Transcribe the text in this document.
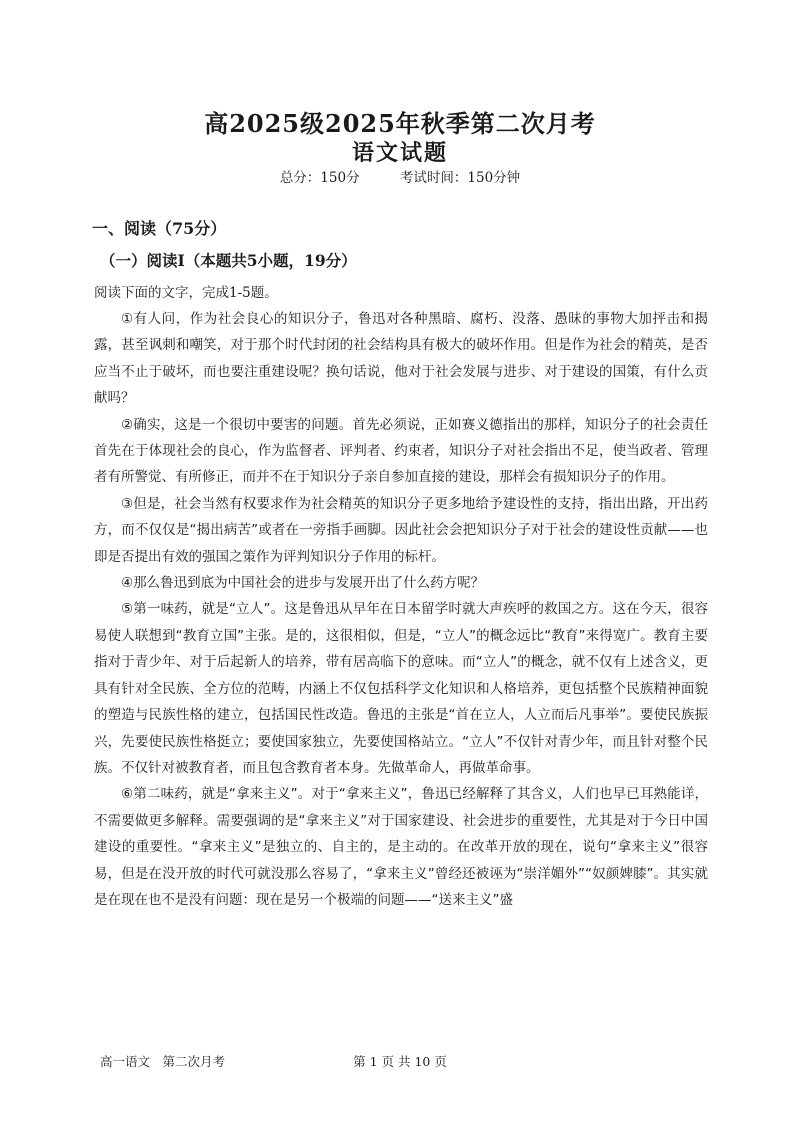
高2025级2025年秋季第二次月考
语文试题
总分：150分	考试时间：150分钟
一、阅读（75分）
（一）阅读Ⅰ（本题共5小题，19分）
阅读下面的文字，完成1-5题。

①有人问，作为社会良心的知识分子，鲁迅对各种黑暗、腐朽、没落、愚昧的事物大加抨击和揭露，甚至讽刺和嘲笑，对于那个时代封闭的社会结构具有极大的破坏作用。但是作为社会的精英，是否应当不止于破坏，而也要注重建设呢？换句话说，他对于社会发展与进步、对于建设的国策，有什么贡献吗？

②确实，这是一个很切中要害的问题。首先必须说，正如赛义德指出的那样，知识分子的社会责任首先在于体现社会的良心，作为监督者、评判者、约束者，知识分子对社会指出不足，使当政者、管理者有所警觉、有所修正，而并不在于知识分子亲自参加直接的建设，那样会有损知识分子的作用。

③但是，社会当然有权要求作为社会精英的知识分子更多地给予建设性的支持，指出出路，开出药方，而不仅仅是“揭出病苦”或者在一旁指手画脚。因此社会会把知识分子对于社会的建设性贡献——也即是否提出有效的强国之策作为评判知识分子作用的标杆。

④那么鲁迅到底为中国社会的进步与发展开出了什么药方呢？

⑤第一味药，就是“立人”。这是鲁迅从早年在日本留学时就大声疾呼的救国之方。这在今天，很容易使人联想到“教育立国”主张。是的，这很相似，但是，“立人”的概念远比“教育”来得宽广。教育主要指对于青少年、对于后起新人的培养，带有居高临下的意味。而“立人”的概念，就不仅有上述含义，更具有针对全民族、全方位的范畴，内涵上不仅包括科学文化知识和人格培养，更包括整个民族精神面貌的塑造与民族性格的建立，包括国民性改造。鲁迅的主张是“首在立人，人立而后凡事举”。要使民族振兴，先要使民族性格挺立；要使国家独立，先要使国格站立。“立人”不仅针对青少年，而且针对整个民族。不仅针对被教育者，而且包含教育者本身。先做革命人，再做革命事。

⑥第二味药，就是“拿来主义”。对于“拿来主义”，鲁迅已经解释了其含义，人们也早已耳熟能详，不需要做更多解释。需要强调的是“拿来主义”对于国家建设、社会进步的重要性，尤其是对于今日中国建设的重要性。“拿来主义”是独立的、自主的，是主动的。在改革开放的现在，说句“拿来主义”很容易，但是在没开放的时代可就没那么容易了，“拿来主义”曾经还被诬为“崇洋媚外”“奴颜婢膝”。其实就是在现在也不是没有问题：现在是另一个极端的问题——“送来主义”盛

高一语文　第二次月考	第 1 页 共 10 页
